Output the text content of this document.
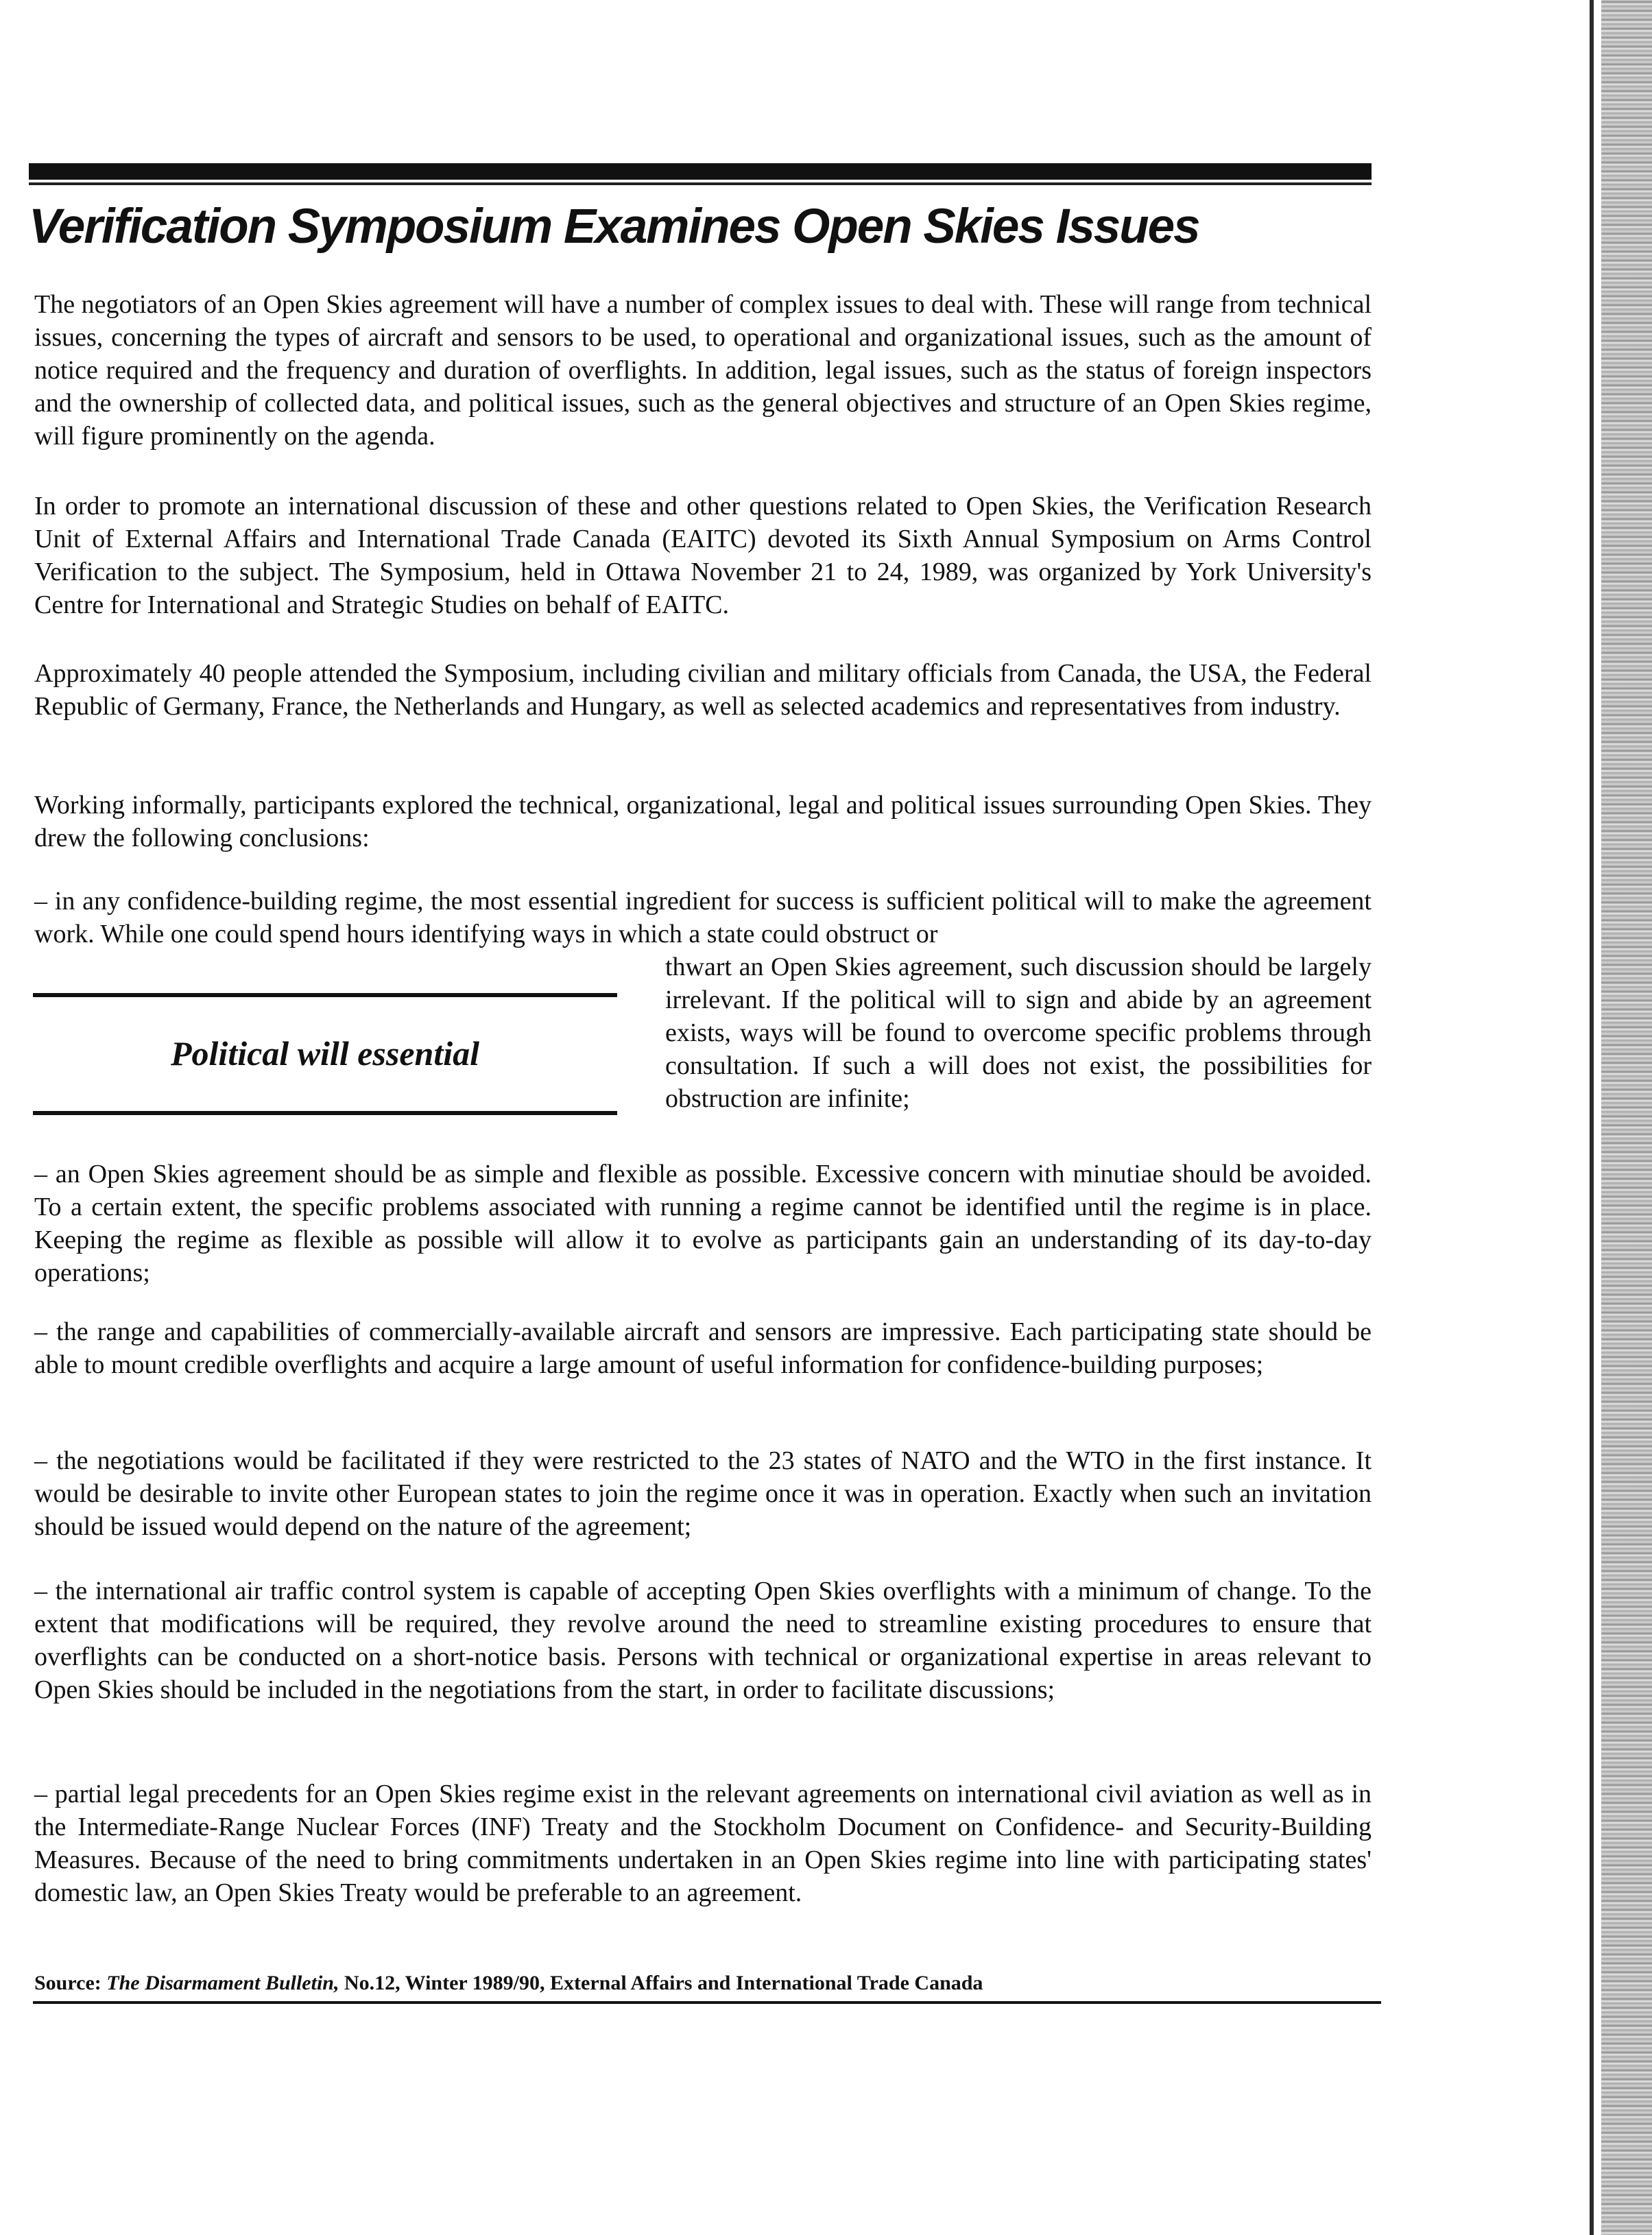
Verification Symposium Examines Open Skies Issues

The negotiators of an Open Skies agreement will have a number of complex issues to deal with. These will range from technical issues, concerning the types of aircraft and sensors to be used, to operational and organizational issues, such as the amount of notice required and the frequency and duration of overflights. In addition, legal issues, such as the status of foreign inspectors and the ownership of collected data, and political issues, such as the general objectives and structure of an Open Skies regime, will figure prominently on the agenda.

In order to promote an international discussion of these and other questions related to Open Skies, the Verification Research Unit of External Affairs and International Trade Canada (EAITC) devoted its Sixth Annual Symposium on Arms Control Verification to the subject. The Symposium, held in Ottawa November 21 to 24, 1989, was organized by York University's Centre for International and Strategic Studies on behalf of EAITC.

Approximately 40 people attended the Symposium, including civilian and military officials from Canada, the USA, the Federal Republic of Germany, France, the Netherlands and Hungary, as well as selected academics and representatives from industry.

Working informally, participants explored the technical, organizational, legal and political issues surrounding Open Skies. They drew the following conclusions:

– in any confidence-building regime, the most essential ingredient for success is sufficient political will to make the agreement work. While one could spend hours identifying ways in which a state could obstruct or

Political will essential

thwart an Open Skies agreement, such discussion should be largely irrelevant. If the political will to sign and abide by an agreement exists, ways will be found to overcome specific problems through consultation. If such a will does not exist, the possibilities for obstruction are infinite;

– an Open Skies agreement should be as simple and flexible as possible. Excessive concern with minutiae should be avoided. To a certain extent, the specific problems associated with running a regime cannot be identified until the regime is in place. Keeping the regime as flexible as possible will allow it to evolve as participants gain an understanding of its day-to-day operations;

– the range and capabilities of commercially-available aircraft and sensors are impressive. Each participating state should be able to mount credible overflights and acquire a large amount of useful information for confidence-building purposes;

– the negotiations would be facilitated if they were restricted to the 23 states of NATO and the WTO in the first instance. It would be desirable to invite other European states to join the regime once it was in operation. Exactly when such an invitation should be issued would depend on the nature of the agreement;

– the international air traffic control system is capable of accepting Open Skies overflights with a minimum of change. To the extent that modifications will be required, they revolve around the need to streamline existing procedures to ensure that overflights can be conducted on a short-notice basis. Persons with technical or organizational expertise in areas relevant to Open Skies should be included in the negotiations from the start, in order to facilitate discussions;

– partial legal precedents for an Open Skies regime exist in the relevant agreements on international civil aviation as well as in the Intermediate-Range Nuclear Forces (INF) Treaty and the Stockholm Document on Confidence- and Security-Building Measures. Because of the need to bring commitments undertaken in an Open Skies regime into line with participating states' domestic law, an Open Skies Treaty would be preferable to an agreement.

Source: The Disarmament Bulletin, No.12, Winter 1989/90, External Affairs and International Trade Canada
